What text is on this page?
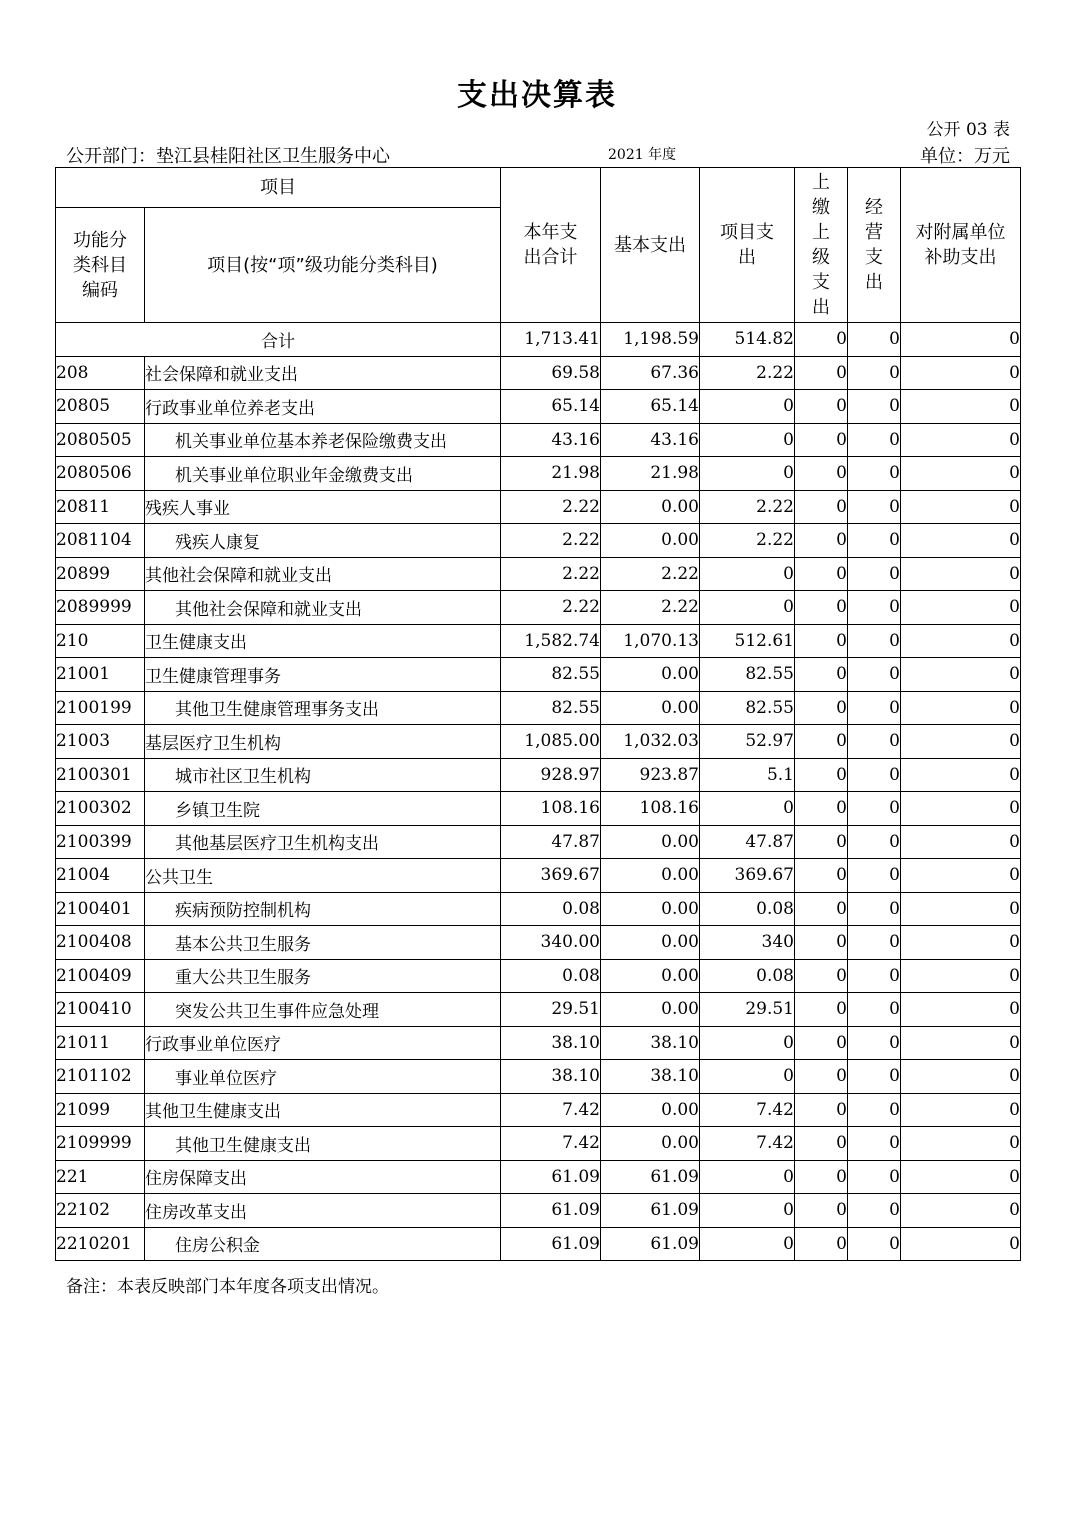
支出决算表
公开 03 表
公开部门：垫江县桂阳社区卫生服务中心	2021 年度	单位：万元
项目		本年支出合计	基本支出	项目支出	上缴上级支出	经营支出	对附属单位补助支出

功能分类科目编码	项目(按“项”级功能分类科目)						
合计		1,713.41	1,198.59	514.82	0	0	0
208	社会保障和就业支出	69.58	67.36	2.22	0	0	0
20805	行政事业单位养老支出	65.14	65.14	0	0	0	0
2080505	机关事业单位基本养老保险缴费支出	43.16	43.16	0	0	0	0
2080506	机关事业单位职业年金缴费支出	21.98	21.98	0	0	0	0
20811	残疾人事业	2.22	0.00	2.22	0	0	0
2081104	残疾人康复	2.22	0.00	2.22	0	0	0
20899	其他社会保障和就业支出	2.22	2.22	0	0	0	0
2089999	其他社会保障和就业支出	2.22	2.22	0	0	0	0
210	卫生健康支出	1,582.74	1,070.13	512.61	0	0	0
21001	卫生健康管理事务	82.55	0.00	82.55	0	0	0
2100199	其他卫生健康管理事务支出	82.55	0.00	82.55	0	0	0
21003	基层医疗卫生机构	1,085.00	1,032.03	52.97	0	0	0
2100301	城市社区卫生机构	928.97	923.87	5.1	0	0	0
2100302	乡镇卫生院	108.16	108.16	0	0	0	0
2100399	其他基层医疗卫生机构支出	47.87	0.00	47.87	0	0	0
21004	公共卫生	369.67	0.00	369.67	0	0	0
2100401	疾病预防控制机构	0.08	0.00	0.08	0	0	0
2100408	基本公共卫生服务	340.00	0.00	340	0	0	0
2100409	重大公共卫生服务	0.08	0.00	0.08	0	0	0
2100410	突发公共卫生事件应急处理	29.51	0.00	29.51	0	0	0
21011	行政事业单位医疗	38.10	38.10	0	0	0	0
2101102	事业单位医疗	38.10	38.10	0	0	0	0
21099	其他卫生健康支出	7.42	0.00	7.42	0	0	0
2109999	其他卫生健康支出	7.42	0.00	7.42	0	0	0
221	住房保障支出	61.09	61.09	0	0	0	0
22102	住房改革支出	61.09	61.09	0	0	0	0
2210201	住房公积金	61.09	61.09	0	0	0	0
备注：本表反映部门本年度各项支出情况。
